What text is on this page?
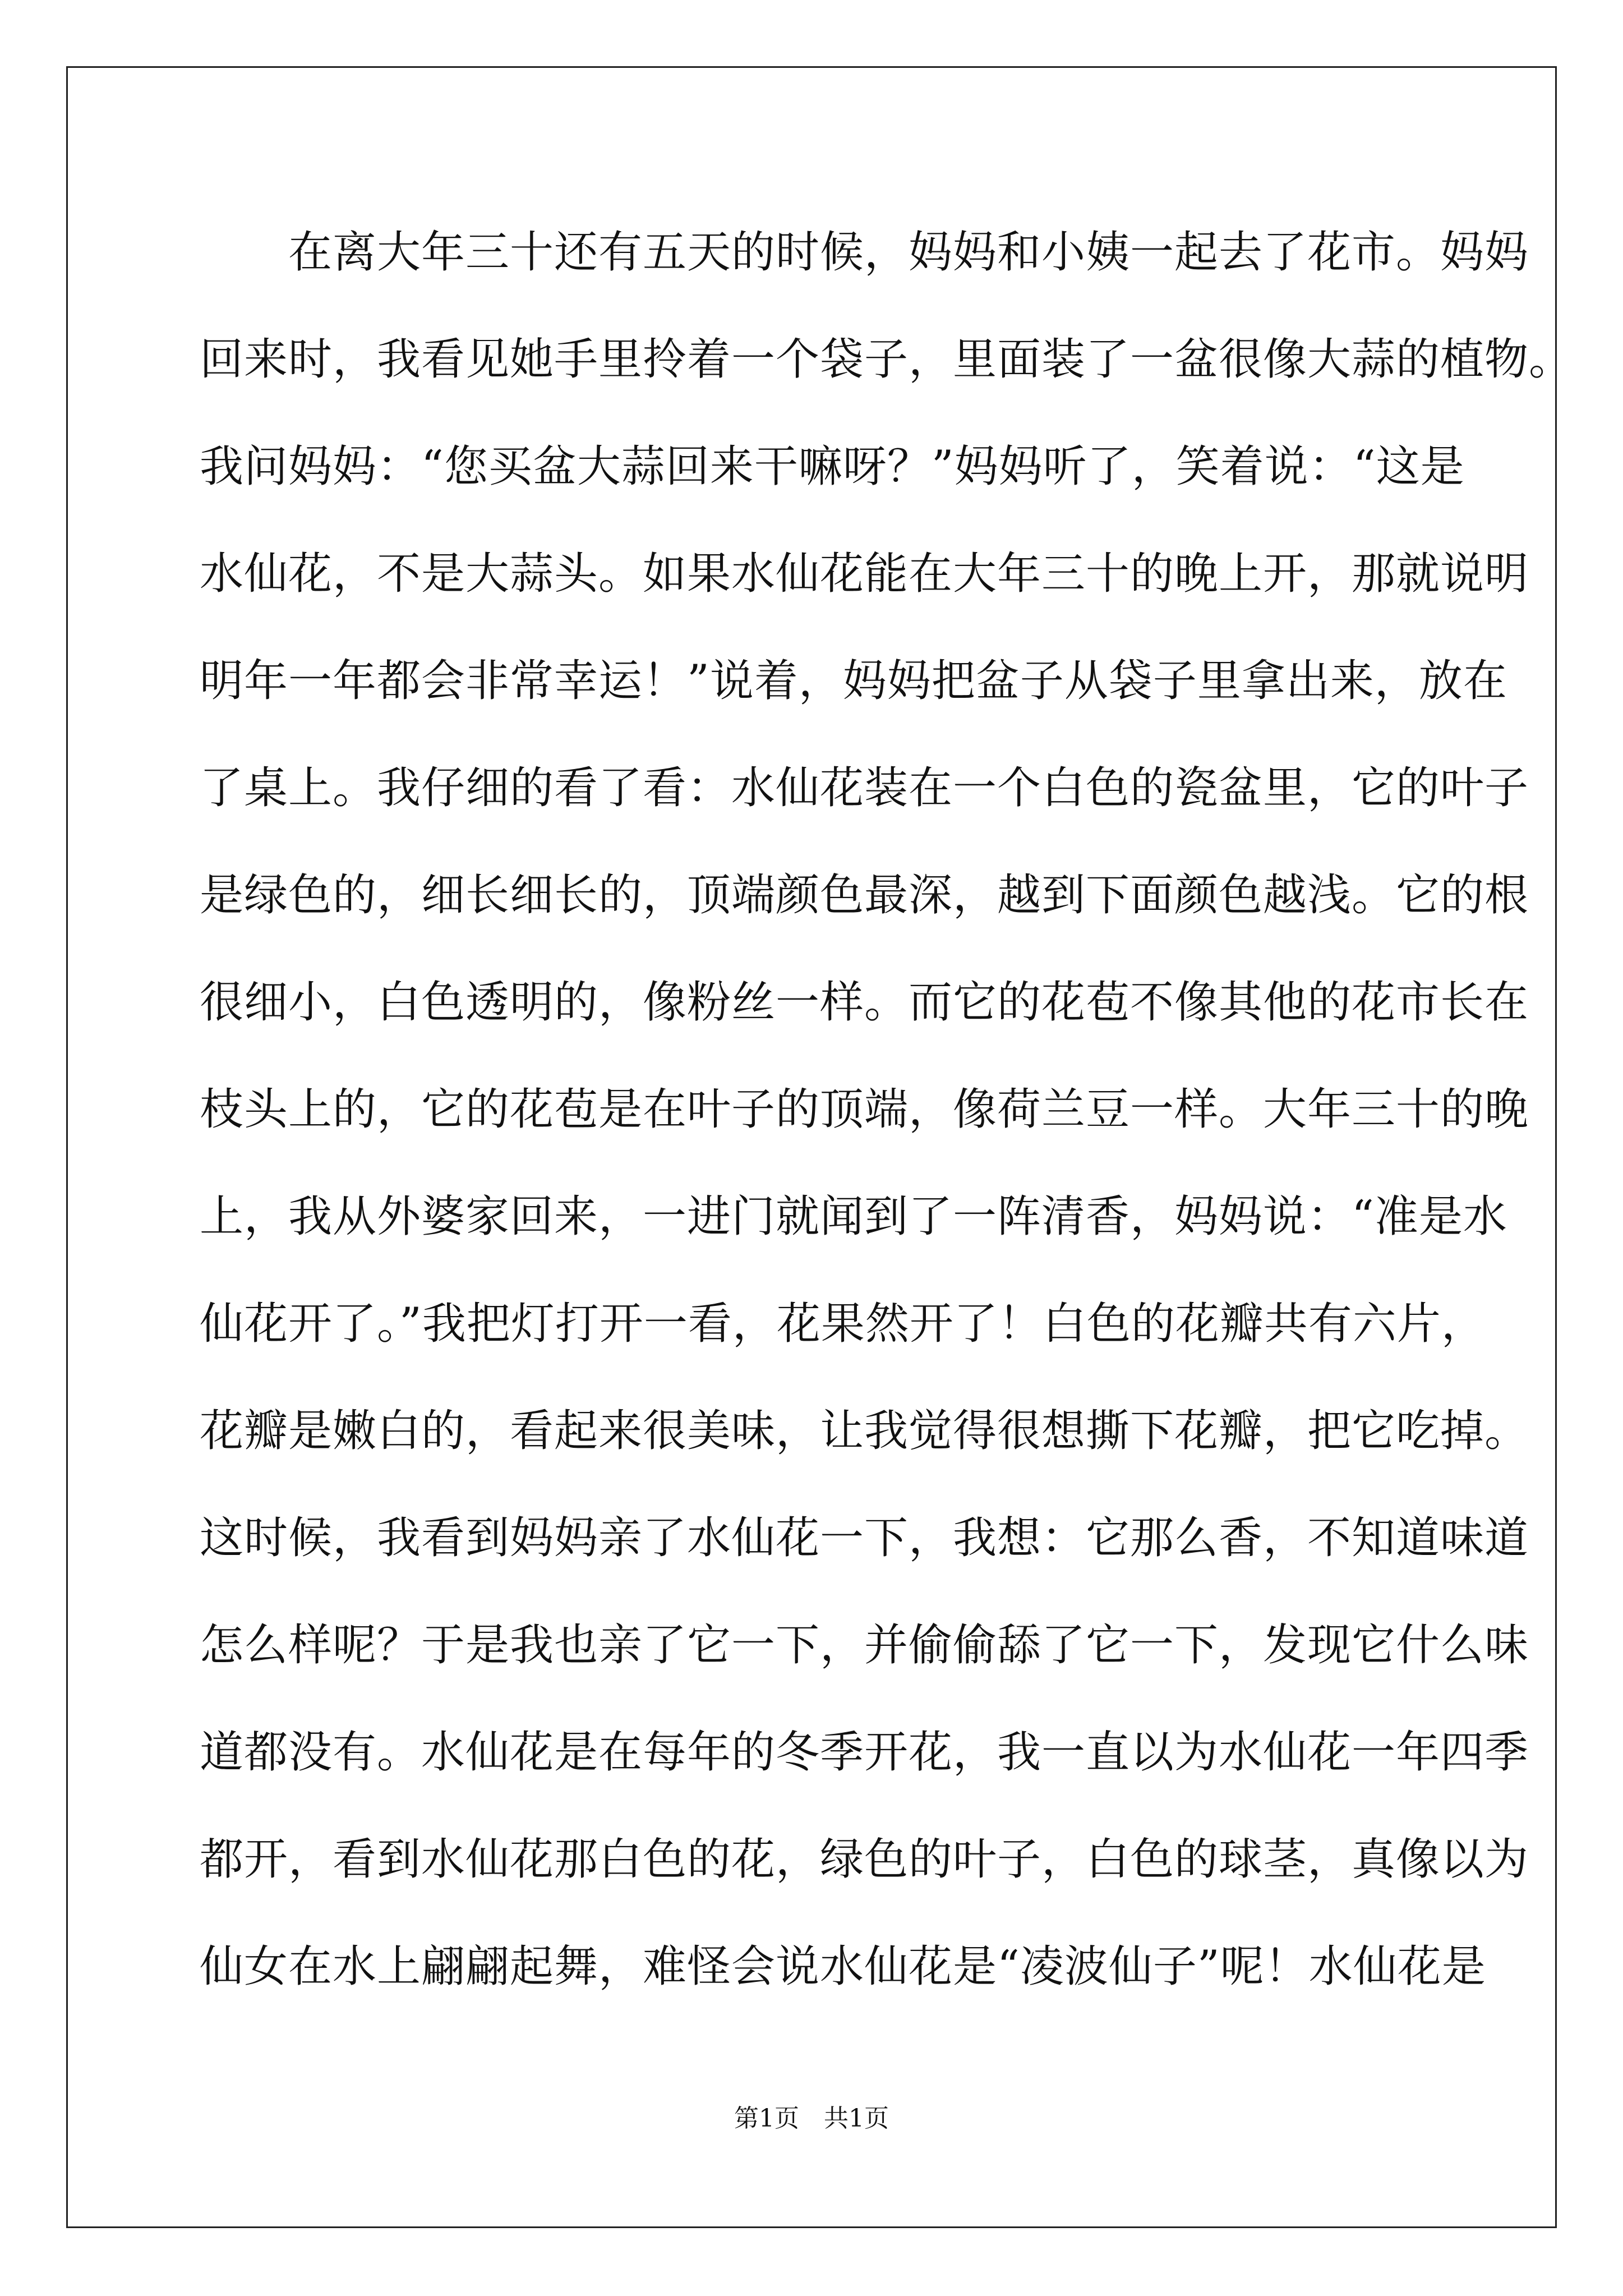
　　在离大年三十还有五天的时候，妈妈和小姨一起去了花市。妈妈
回来时，我看见她手里拎着一个袋子，里面装了一盆很像大蒜的植物。
我问妈妈：“您买盆大蒜回来干嘛呀？”妈妈听了，笑着说：“这是
水仙花，不是大蒜头。如果水仙花能在大年三十的晚上开，那就说明
明年一年都会非常幸运！”说着，妈妈把盆子从袋子里拿出来，放在
了桌上。我仔细的看了看：水仙花装在一个白色的瓷盆里，它的叶子
是绿色的，细长细长的，顶端颜色最深，越到下面颜色越浅。它的根
很细小，白色透明的，像粉丝一样。而它的花苞不像其他的花市长在
枝头上的，它的花苞是在叶子的顶端，像荷兰豆一样。大年三十的晚
上，我从外婆家回来，一进门就闻到了一阵清香，妈妈说：“准是水
仙花开了。”我把灯打开一看，花果然开了！白色的花瓣共有六片，
花瓣是嫩白的，看起来很美味，让我觉得很想撕下花瓣，把它吃掉。
这时候，我看到妈妈亲了水仙花一下，我想：它那么香，不知道味道
怎么样呢？于是我也亲了它一下，并偷偷舔了它一下，发现它什么味
道都没有。水仙花是在每年的冬季开花，我一直以为水仙花一年四季
都开，看到水仙花那白色的花，绿色的叶子，白色的球茎，真像以为
仙女在水上翩翩起舞，难怪会说水仙花是“凌波仙子”呢！水仙花是
第1页　共1页
